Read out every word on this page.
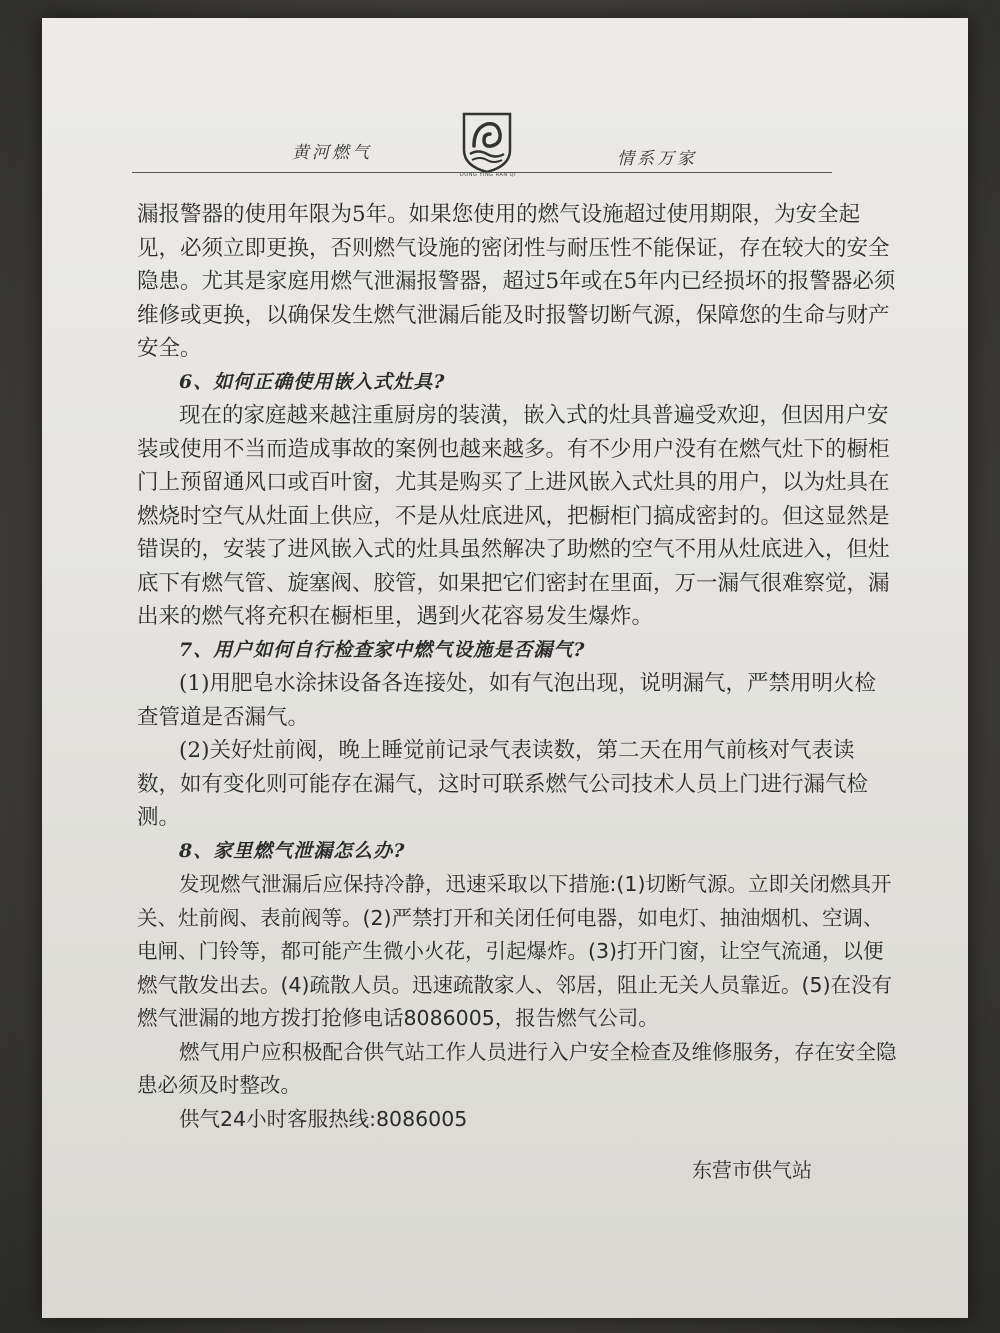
黄河燃气
DONG YING RAN QI
情系万家

漏报警器的使用年限为5年。如果您使用的燃气设施超过使用期限，为安全起见，必须立即更换，否则燃气设施的密闭性与耐压性不能保证，存在较大的安全隐患。尤其是家庭用燃气泄漏报警器，超过5年或在5年内已经损坏的报警器必须维修或更换，以确保发生燃气泄漏后能及时报警切断气源，保障您的生命与财产安全。

6、如何正确使用嵌入式灶具?

现在的家庭越来越注重厨房的装潢，嵌入式的灶具普遍受欢迎，但因用户安装或使用不当而造成事故的案例也越来越多。有不少用户没有在燃气灶下的橱柜门上预留通风口或百叶窗，尤其是购买了上进风嵌入式灶具的用户，以为灶具在燃烧时空气从灶面上供应，不是从灶底进风，把橱柜门搞成密封的。但这显然是错误的，安装了进风嵌入式的灶具虽然解决了助燃的空气不用从灶底进入，但灶底下有燃气管、旋塞阀、胶管，如果把它们密封在里面，万一漏气很难察觉，漏出来的燃气将充积在橱柜里，遇到火花容易发生爆炸。

7、用户如何自行检查家中燃气设施是否漏气?

(1)用肥皂水涂抹设备各连接处，如有气泡出现，说明漏气，严禁用明火检查管道是否漏气。

(2)关好灶前阀，晚上睡觉前记录气表读数，第二天在用气前核对气表读数，如有变化则可能存在漏气，这时可联系燃气公司技术人员上门进行漏气检测。

8、家里燃气泄漏怎么办?

发现燃气泄漏后应保持冷静，迅速采取以下措施:(1)切断气源。立即关闭燃具开关、灶前阀、表前阀等。(2)严禁打开和关闭任何电器，如电灯、抽油烟机、空调、电闸、门铃等，都可能产生微小火花，引起爆炸。(3)打开门窗，让空气流通，以便燃气散发出去。(4)疏散人员。迅速疏散家人、邻居，阻止无关人员靠近。(5)在没有燃气泄漏的地方拨打抢修电话8086005，报告燃气公司。

燃气用户应积极配合供气站工作人员进行入户安全检查及维修服务，存在安全隐患必须及时整改。

供气24小时客服热线:8086005

东营市供气站
